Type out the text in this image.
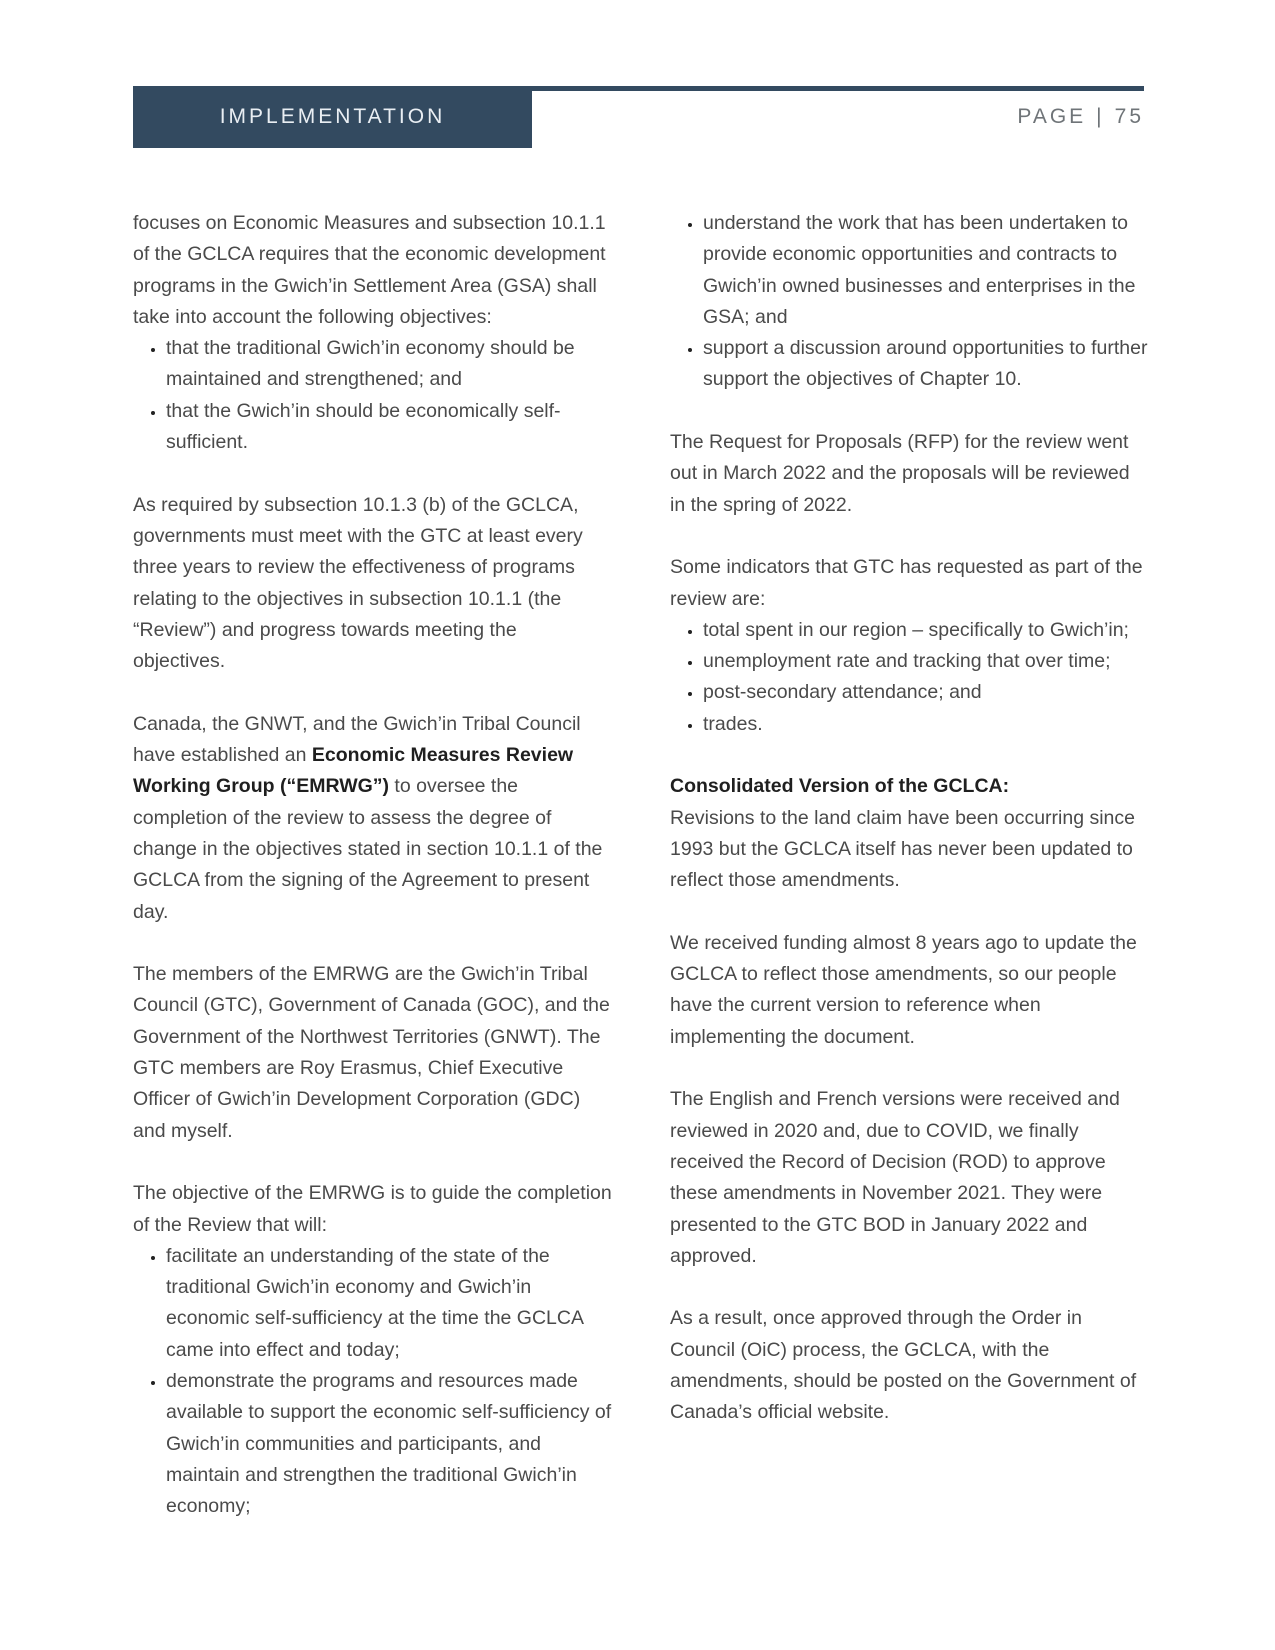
IMPLEMENTATION	PAGE | 75

focuses on Economic Measures and subsection 10.1.1 of the GCLCA requires that the economic development programs in the Gwich’in Settlement Area (GSA) shall take into account the following objectives:

• that the traditional Gwich’in economy should be maintained and strengthened; and
• that the Gwich’in should be economically self-sufficient.

As required by subsection 10.1.3 (b) of the GCLCA, governments must meet with the GTC at least every three years to review the effectiveness of programs relating to the objectives in subsection 10.1.1 (the “Review”) and progress towards meeting the objectives.

Canada, the GNWT, and the Gwich’in Tribal Council have established an Economic Measures Review Working Group (“EMRWG”) to oversee the completion of the review to assess the degree of change in the objectives stated in section 10.1.1 of the GCLCA from the signing of the Agreement to present day.

The members of the EMRWG are the Gwich’in Tribal Council (GTC), Government of Canada (GOC), and the Government of the Northwest Territories (GNWT). The GTC members are Roy Erasmus, Chief Executive Officer of Gwich’in Development Corporation (GDC) and myself.

The objective of the EMRWG is to guide the completion of the Review that will:

• facilitate an understanding of the state of the traditional Gwich’in economy and Gwich’in economic self-sufficiency at the time the GCLCA came into effect and today;
• demonstrate the programs and resources made available to support the economic self-sufficiency of Gwich’in communities and participants, and maintain and strengthen the traditional Gwich’in economy;
• understand the work that has been undertaken to provide economic opportunities and contracts to Gwich’in owned businesses and enterprises in the GSA; and
• support a discussion around opportunities to further support the objectives of Chapter 10.

The Request for Proposals (RFP) for the review went out in March 2022 and the proposals will be reviewed in the spring of 2022.

Some indicators that GTC has requested as part of the review are:

• total spent in our region – specifically to Gwich’in;
• unemployment rate and tracking that over time;
• post-secondary attendance; and
• trades.

Consolidated Version of the GCLCA:

Revisions to the land claim have been occurring since 1993 but the GCLCA itself has never been updated to reflect those amendments.

We received funding almost 8 years ago to update the GCLCA to reflect those amendments, so our people have the current version to reference when implementing the document.

The English and French versions were received and reviewed in 2020 and, due to COVID, we finally received the Record of Decision (ROD) to approve these amendments in November 2021. They were presented to the GTC BOD in January 2022 and approved.

As a result, once approved through the Order in Council (OiC) process, the GCLCA, with the amendments, should be posted on the Government of Canada’s official website.
